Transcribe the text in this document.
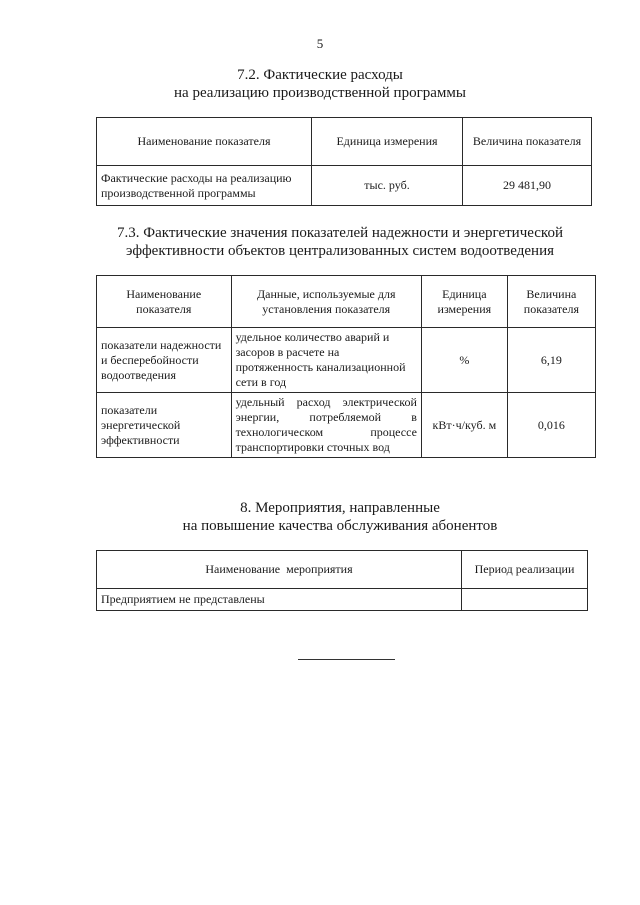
5
7.2. Фактические расходы
на реализацию производственной программы
Наименование показателя	Единица измерения	Величина показателя
Фактические расходы на реализацию производственной программы	тыс. руб.	29 481,90
7.3. Фактические значения показателей надежности и энергетической
эффективности объектов централизованных систем водоотведения
Наименование показателя	Данные, используемые для установления показателя	Единица измерения	Величина показателя
показатели надежности и бесперебойности водоотведения	удельное количество аварий и засоров в расчете на протяженность канализационной сети в год	%	6,19
показатели энергетической эффективности	удельный расход электрической энергии, потребляемой в технологическом процессе транспортировки сточных вод	кВт·ч/куб. м	0,016
8. Мероприятия, направленные
на повышение качества обслуживания абонентов
Наименование  мероприятия	Период реализации
Предприятием не представлены	
